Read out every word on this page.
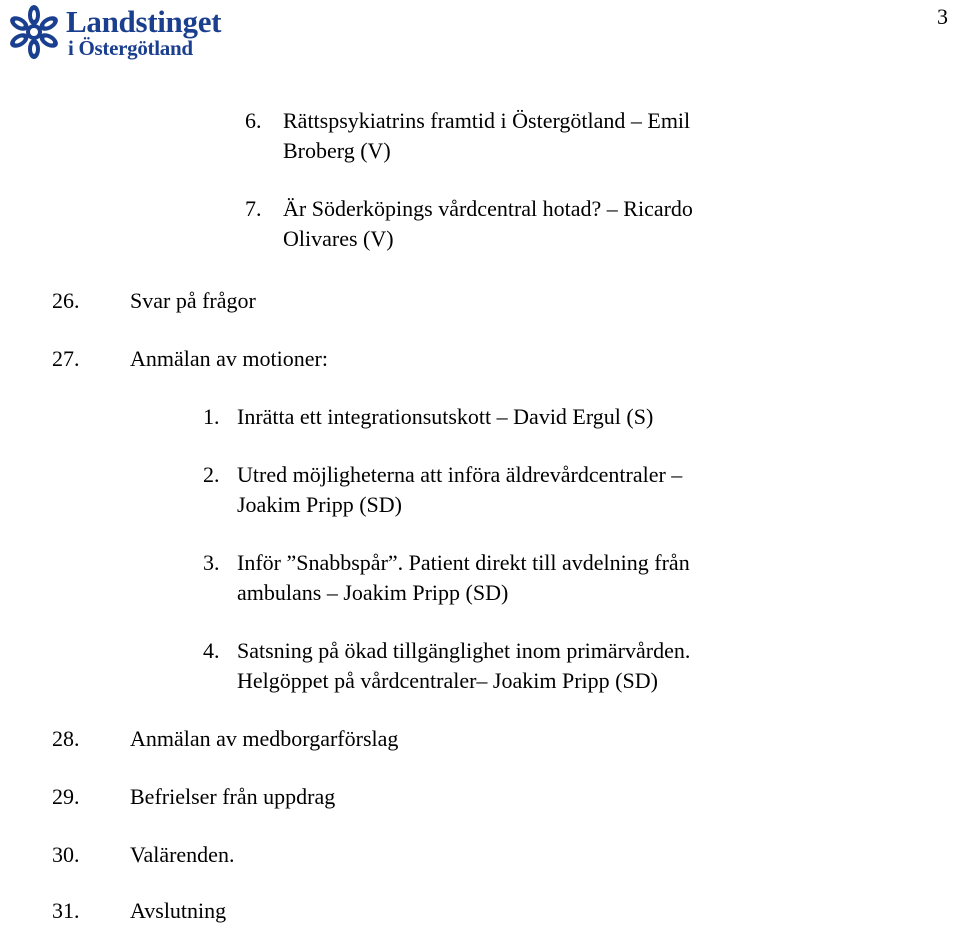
Landstinget
i Östergötland
3
6. Rättspsykiatrins framtid i Östergötland – Emil
Broberg (V)
7. Är Söderköpings vårdcentral hotad? – Ricardo
Olivares (V)
26. Svar på frågor
27. Anmälan av motioner:
1. Inrätta ett integrationsutskott – David Ergul (S)
2. Utred möjligheterna att införa äldrevårdcentraler –
Joakim Pripp (SD)
3. Inför ”Snabbspår”. Patient direkt till avdelning från
ambulans – Joakim Pripp (SD)
4. Satsning på ökad tillgänglighet inom primärvården.
Helgöppet på vårdcentraler– Joakim Pripp (SD)
28. Anmälan av medborgarförslag
29. Befrielser från uppdrag
30. Valärenden.
31. Avslutning
